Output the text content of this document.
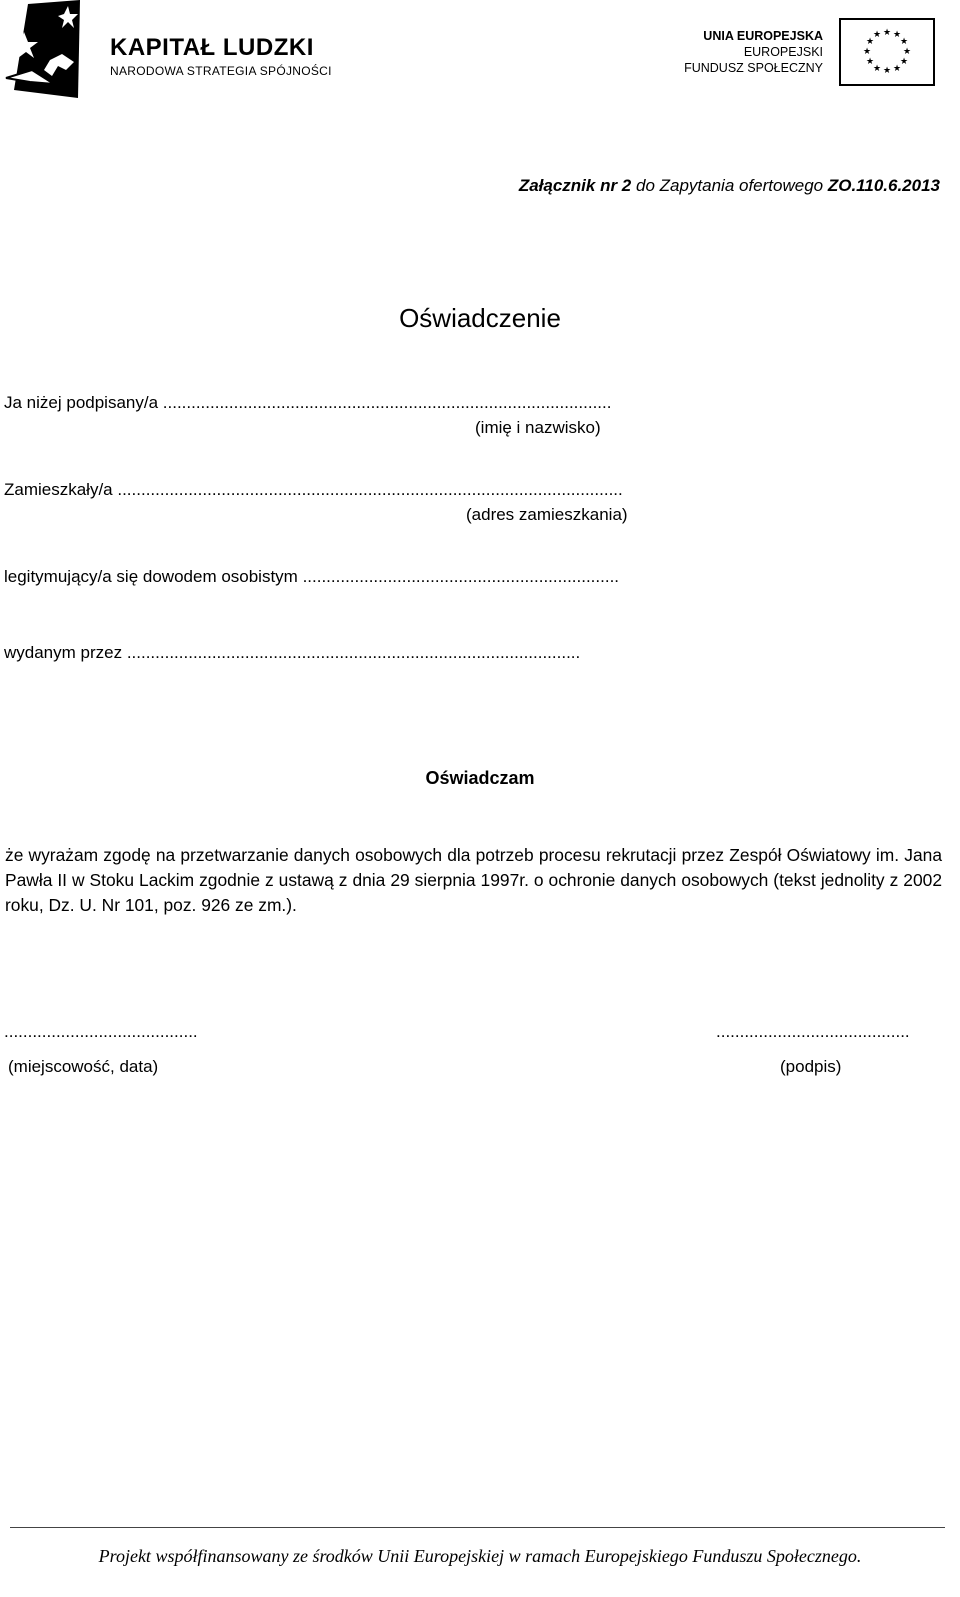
KAPITAŁ LUDZKI
NARODOWA STRATEGIA SPÓJNOŚCI
UNIA EUROPEJSKA
EUROPEJSKI
FUNDUSZ SPOŁECZNY
★ ★
★
★
★
★
★
★
★
★
★
★
Załącznik nr 2 do Zapytania ofertowego ZO.110.6.2013
Oświadczenie
Ja niżej podpisany/a ...............................................................................................
(imię i nazwisko)
Zamieszkały/a ...........................................................................................................
(adres zamieszkania)
legitymujący/a się dowodem osobistym ...................................................................
wydanym przez ................................................................................................
Oświadczam
że wyrażam zgodę na przetwarzanie danych osobowych dla potrzeb procesu rekrutacji przez Zespół Oświatowy im. Jana Pawła II w Stoku Lackim zgodnie z ustawą z dnia 29 sierpnia 1997r. o ochronie danych osobowych (tekst jednolity z 2002 roku, Dz. U. Nr 101, poz. 926 ze zm.).
.........................................
(miejscowość, data)
.........................................
(podpis)
Projekt współfinansowany ze środków Unii Europejskiej w ramach Europejskiego Funduszu Społecznego.
